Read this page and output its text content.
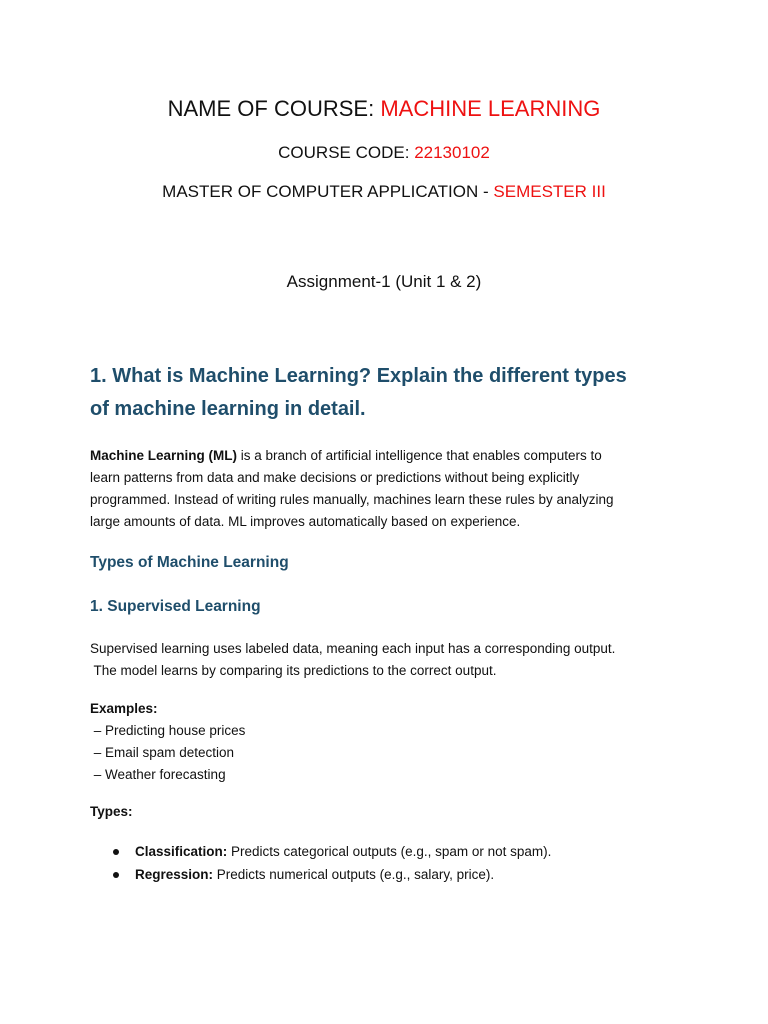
NAME OF COURSE: MACHINE LEARNING
COURSE CODE: 22130102
MASTER OF COMPUTER APPLICATION - SEMESTER III
Assignment-1 (Unit 1 & 2)
1. What is Machine Learning? Explain the different types
of machine learning in detail.
Machine Learning (ML) is a branch of artificial intelligence that enables computers to
learn patterns from data and make decisions or predictions without being explicitly
programmed. Instead of writing rules manually, machines learn these rules by analyzing
large amounts of data. ML improves automatically based on experience.
Types of Machine Learning
1. Supervised Learning
Supervised learning uses labeled data, meaning each input has a corresponding output.
The model learns by comparing its predictions to the correct output.
Examples:
– Predicting house prices
– Email spam detection
– Weather forecasting
Types:
Classification: Predicts categorical outputs (e.g., spam or not spam).
Regression: Predicts numerical outputs (e.g., salary, price).
